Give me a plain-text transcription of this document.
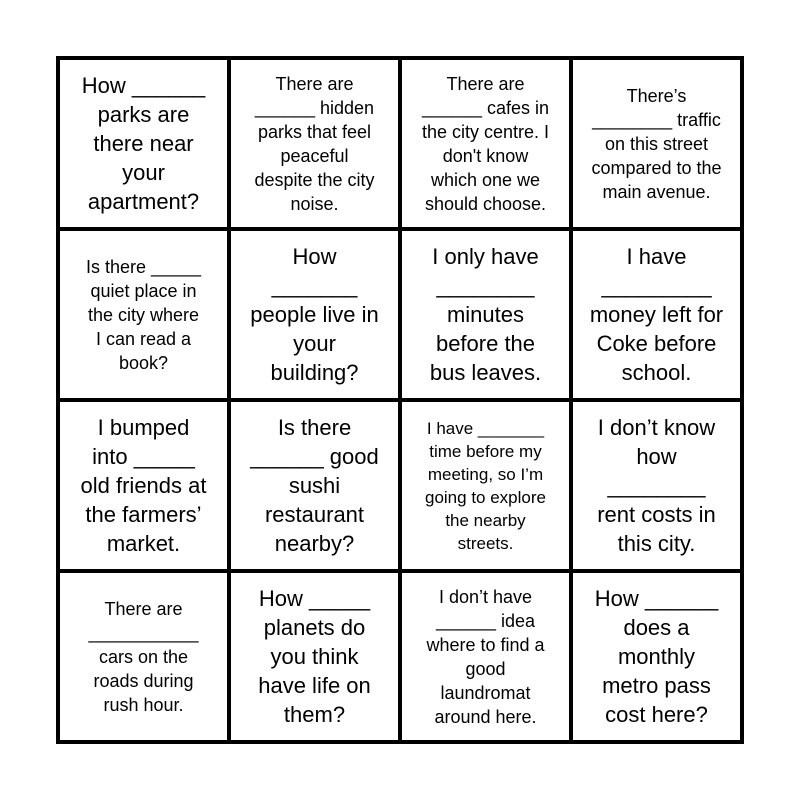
How ______
parks are
there near
your
apartment?
There are
______ hidden
parks that feel
peaceful
despite the city
noise.
There are
______ cafes in
the city centre. I
don't know
which one we
should choose.
There’s
________ traffic
on this street
compared to the
main avenue.
Is there _____
quiet place in
the city where
I can read a
book?
How
_______
people live in
your
building?
I only have
________
minutes
before the
bus leaves.
I have
_________
money left for
Coke before
school.
I bumped
into _____
old friends at
the farmers’
market.
Is there
______ good
sushi
restaurant
nearby?
I have _______
time before my
meeting, so I’m
going to explore
the nearby
streets.
I don’t know
how
________
rent costs in
this city.
There are
___________
cars on the
roads during
rush hour.
How _____
planets do
you think
have life on
them?
I don’t have
______ idea
where to find a
good
laundromat
around here.
How ______
does a
monthly
metro pass
cost here?
